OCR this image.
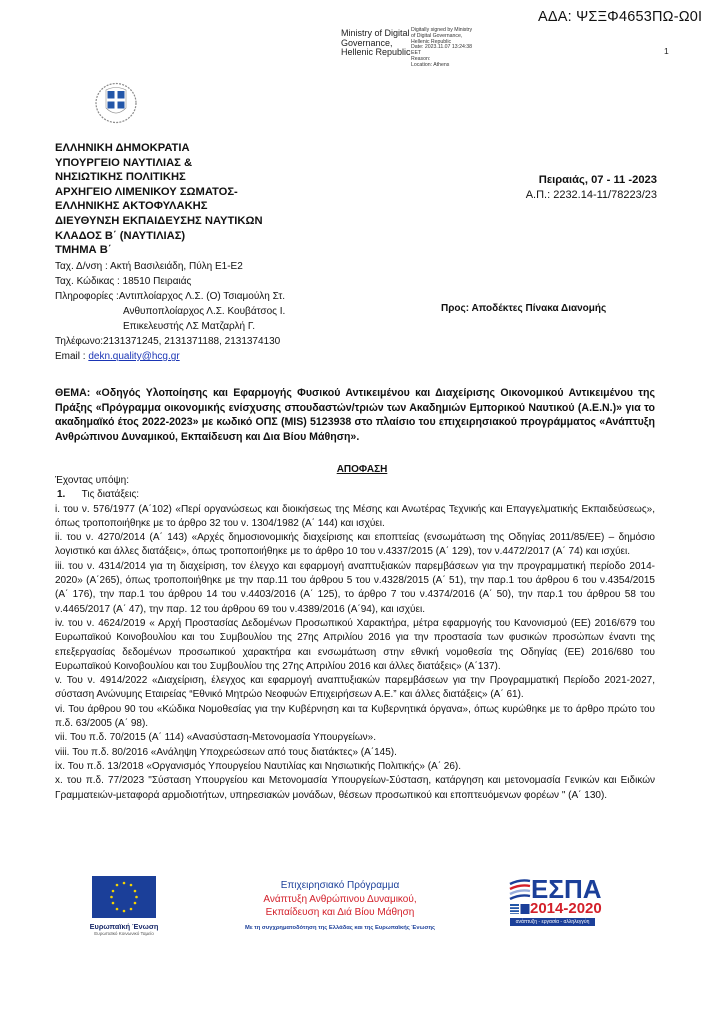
ΑΔΑ: ΨΣΞΦ4653ΠΩ-Ω0Ι
Ministry of Digital
Governance,
Hellenic Republic
Digitally signed by Ministry
of Digital Governance,
Hellenic Republic
Date: 2023.11.07 13:24:38
EET
Reason:
Location: Athens
1
ΕΛΛΗΝΙΚΗ ΔΗΜΟΚΡΑΤΙΑ
ΥΠΟΥΡΓΕΙΟ ΝΑΥΤΙΛΙΑΣ &
ΝΗΣΙΩΤΙΚΗΣ ΠΟΛΙΤΙΚΗΣ
ΑΡΧΗΓΕΙΟ ΛΙΜΕΝΙΚΟΥ ΣΩΜΑΤΟΣ-
ΕΛΛΗΝΙΚΗΣ ΑΚΤΟΦΥΛΑΚΗΣ
ΔΙΕΥΘΥΝΣΗ ΕΚΠΑΙΔΕΥΣΗΣ ΝΑΥΤΙΚΩΝ
ΚΛΑΔΟΣ Β΄ (ΝΑΥΤΙΛΙΑΣ)
ΤΜΗΜΑ Β΄
Πειραιάς, 07 - 11 -2023
Α.Π.: 2232.14-11/78223/23
Προς: Αποδέκτες Πίνακα Διανομής
Ταχ. Δ/νση : Ακτή Βασιλειάδη, Πύλη Ε1-Ε2
Ταχ. Κώδικας : 18510 Πειραιάς
Πληροφορίες : Αντιπλοίαρχος Λ.Σ. (Ο) Τσιαμούλη Στ.
Ανθυποπλοίαρχος Λ.Σ. Κουβάτσος Ι.
Επικελευστής ΛΣ Ματζαρλή Γ.
Τηλέφωνο:2131371245, 2131371188, 2131374130
Email :
dekn.quality@hcg.gr
ΘΕΜΑ: «Οδηγός Υλοποίησης και Εφαρμογής Φυσικού Αντικειμένου και Διαχείρισης Οικονομικού Αντικειμένου της Πράξης «Πρόγραμμα οικονομικής ενίσχυσης σπουδαστών/τριών των Ακαδημιών Εμπορικού Ναυτικού (Α.Ε.Ν.)» για το ακαδημαϊκό έτος 2022-2023» με κωδικό ΟΠΣ (MIS) 5123938 στο πλαίσιο του επιχειρησιακού προγράμματος «Ανάπτυξη Ανθρώπινου Δυναμικού, Εκπαίδευση και Δια Βίου Μάθηση».
ΑΠΟΦΑΣΗ
Έχοντας υπόψη:
1. Τις διατάξεις:
i. του ν. 576/1977 (Α΄102) «Περί οργανώσεως και διοικήσεως της Μέσης και Ανωτέρας Τεχνικής και Επαγγελματικής Εκπαιδεύσεως», όπως τροποποιήθηκε με το άρθρο 32 του ν. 1304/1982 (Α΄ 144) και ισχύει.
ii. του ν. 4270/2014 (Α΄ 143) «Αρχές δημοσιονομικής διαχείρισης και εποπτείας (ενσωμάτωση της Οδηγίας 2011/85/ΕΕ) – δημόσιο λογιστικό και άλλες διατάξεις», όπως τροποποιήθηκε με το άρθρο 10 του ν.4337/2015 (Α΄ 129), τον ν.4472/2017 (Α΄ 74) και ισχύει.
iii. του ν. 4314/2014 για τη διαχείριση, τον έλεγχο και εφαρμογή αναπτυξιακών παρεμβάσεων για την προγραμματική περίοδο 2014-2020» (Α΄265), όπως τροποποιήθηκε με την παρ.11 του άρθρου 5 του ν.4328/2015 (Α΄ 51), την παρ.1 του άρθρου 6 του ν.4354/2015 (Α΄ 176), την παρ.1 του άρθρου 14 του ν.4403/2016 (Α΄ 125), το άρθρο 7 του ν.4374/2016 (Α΄ 50), την παρ.1 του άρθρου 58 του ν.4465/2017 (Α΄ 47), την παρ. 12 του άρθρου 69 του ν.4389/2016 (Α΄94), και ισχύει.
iv. του ν. 4624/2019 « Αρχή Προστασίας Δεδομένων Προσωπικού Χαρακτήρα, μέτρα εφαρμογής του Κανονισμού (ΕΕ) 2016/679 του Ευρωπαϊκού Κοινοβουλίου και του Συμβουλίου της 27ης Απριλίου 2016 για την προστασία των φυσικών προσώπων έναντι της επεξεργασίας δεδομένων προσωπικού χαρακτήρα και ενσωμάτωση στην εθνική νομοθεσία της Οδηγίας (ΕΕ) 2016/680 του Ευρωπαϊκού Κοινοβουλίου και του Συμβουλίου της 27ης Απριλίου 2016 και άλλες διατάξεις» (Α΄137).
v. Του ν. 4914/2022 «Διαχείριση, έλεγχος και εφαρμογή αναπτυξιακών παρεμβάσεων για την Προγραμματική Περίοδο 2021-2027, σύσταση Ανώνυμης Εταιρείας “Εθνικό Μητρώο Νεοφυών Επιχειρήσεων Α.Ε.” και άλλες διατάξεις» (Α΄ 61).
vi. Του άρθρου 90 του «Κώδικα Νομοθεσίας για την Κυβέρνηση και τα Κυβερνητικά όργανα», όπως κυρώθηκε με το άρθρο πρώτο του π.δ. 63/2005 (Α΄ 98).
vii. Του π.δ. 70/2015 (Α΄ 114) «Ανασύσταση-Μετονομασία Υπουργείων».
viii. Του π.δ. 80/2016 «Ανάληψη Υποχρεώσεων από τους διατάκτες» (Α΄145).
ix. Του π.δ. 13/2018 «Οργανισμός Υπουργείου Ναυτιλίας και Νησιωτικής Πολιτικής» (Α΄ 26).
x. του π.δ. 77/2023 "Σύσταση Υπουργείου και Μετονομασία Υπουργείων-Σύσταση, κατάργηση και μετονομασία Γενικών και Ειδικών Γραμματειών-μεταφορά αρμοδιοτήτων, υπηρεσιακών μονάδων, θέσεων προσωπικού και εποπτευόμενων φορέων " (Α΄ 130).
Ευρωπαϊκή Ένωση
Ευρωπαϊκό Κοινωνικό Ταμείο
Επιχειρησιακό Πρόγραμμα
Ανάπτυξη Ανθρώπινου Δυναμικού,
Εκπαίδευση και Διά Βίου Μάθηση
Με τη συγχρηματοδότηση της Ελλάδας και της Ευρωπαϊκής Ένωσης
ΕΣΠΑ
2014-2020
ανάπτυξη - εργασία - αλληλεγγύη
